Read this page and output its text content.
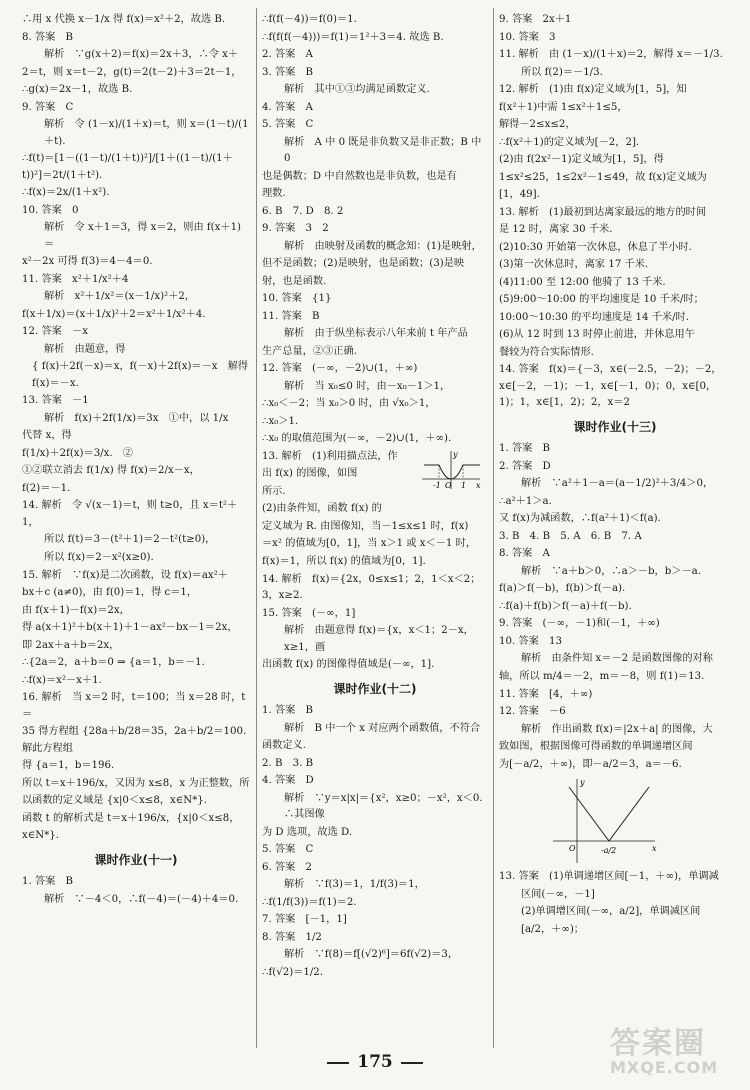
∴用 x 代换 x－1/x 得 f(x)＝x²＋2，故选 B.

8. 答案　B

解析　∵g(x＋2)＝f(x)＝2x＋3，∴令 x＋

2＝t，则 x＝t－2，g(t)＝2(t－2)＋3＝2t－1，

∴g(x)＝2x－1，故选 B.

9. 答案　C

解析　令 (1－x)/(1＋x)＝t，则 x＝(1－t)/(1＋t).

∴f(t)＝[1－((1－t)/(1＋t))²]/[1＋((1－t)/(1＋t))²]＝2t/(1＋t²).

∴f(x)＝2x/(1＋x²).

10. 答案　0

解析　令 x＋1＝3，得 x＝2，则由 f(x＋1)＝

x²－2x 可得 f(3)＝4－4＝0.

11. 答案　x²＋1/x²＋4

解析　x²＋1/x²＝(x－1/x)²＋2，

f(x＋1/x)＝(x＋1/x)²＋2＝x²＋1/x²＋4.

12. 答案　－x

解析　由题意，得

{ f(x)＋2f(－x)＝x，f(－x)＋2f(x)＝－x　解得 f(x)＝－x.

13. 答案　－1

解析　f(x)＋2f(1/x)＝3x　①中，以 1/x

代替 x，得

f(1/x)＋2f(x)＝3/x.　②

①②联立消去 f(1/x) 得 f(x)＝2/x－x，

f(2)＝－1.

14. 解析　令 √(x－1)＝t，则 t≥0，且 x＝t²＋1，

所以 f(t)＝3－(t²＋1)＝2－t²(t≥0)，

所以 f(x)＝2－x²(x≥0).

15. 解析　∵f(x)是二次函数，设 f(x)＝ax²＋

bx＋c (a≠0)，由 f(0)＝1，得 c＝1，

由 f(x＋1)－f(x)＝2x，

得 a(x＋1)²＋b(x＋1)＋1－ax²－bx－1＝2x，

即 2ax＋a＋b＝2x，

∴{2a＝2，a＋b＝0 ⇒ {a＝1，b＝－1.

∴f(x)＝x²－x＋1.

16. 解析　当 x＝2 时，t＝100；当 x＝28 时，t＝

35 得方程组 {28a＋b/28＝35，2a＋b/2＝100.　解此方程组

得 {a＝1，b＝196.

所以 t＝x＋196/x，又因为 x≤8，x 为正整数，所

以函数的定义域是 {x|0＜x≤8，x∈N*}.

函数 t 的解析式是 t＝x＋196/x，{x|0＜x≤8，

x∈N*}.

课时作业(十一)

1. 答案　B

解析　∵－4＜0，∴f(－4)＝(－4)＋4＝0.

∴f(f(－4))＝f(0)＝1.

∴f(f(f(－4)))＝f(1)＝1²＋3＝4. 故选 B.

2. 答案　A

3. 答案　B

解析　其中①③均满足函数定义.

4. 答案　A

5. 答案　C

解析　A 中 0 既是非负数又是非正数；B 中 0

也是偶数；D 中自然数也是非负数，也是有

理数.

6. B　7. D　8. 2

9. 答案　3　2

解析　由映射及函数的概念知：(1)是映射，

但不是函数；(2)是映射，也是函数；(3)是映

射，也是函数.

10. 答案　{1}

11. 答案　B

解析　由于纵坐标表示八年来前 t 年产品

生产总量，②③正确.

12. 答案　(－∞，－2)∪(1，＋∞)

解析　当 x₀≤0 时，由－x₀－1＞1，

∴x₀＜－2；当 x₀＞0 时，由 √x₀＞1，

∴x₀＞1.

∴x₀ 的取值范围为(－∞，－2)∪(1，＋∞).

x
y
-1 O 1
13. 解析　(1)利用描点法，作

出 f(x) 的图像，如图

所示.

(2)由条件知，函数 f(x) 的

定义域为 R. 由图像知，当－1≤x≤1 时，f(x)

＝x² 的值域为[0，1]，当 x＞1 或 x＜－1 时，

f(x)＝1，所以 f(x) 的值域为[0，1].

14. 解析　f(x)＝{2x，0≤x≤1；2，1＜x＜2；3，x≥2.

15. 答案　(－∞，1]

解析　由题意得 f(x)＝{x，x＜1；2－x，x≥1，画

出函数 f(x) 的图像得值域是(－∞，1].

课时作业(十二)

1. 答案　B

解析　B 中一个 x 对应两个函数值，不符合

函数定义.

2. B　3. B

4. 答案　D

解析　∵y＝x|x|＝{x²，x≥0；－x²，x＜0.　∴其图像

为 D 选项，故选 D.

5. 答案　C

6. 答案　2

解析　∵f(3)＝1，1/f(3)＝1，

∴f(1/f(3))＝f(1)＝2.

7. 答案　[－1，1]

8. 答案　1/2

解析　∵f(8)＝f[(√2)⁶]＝6f(√2)＝3，

∴f(√2)＝1/2.

9. 答案　2x＋1

10. 答案　3

11. 解析　由 (1－x)/(1＋x)＝2，解得 x＝－1/3.

所以 f(2)＝－1/3.

12. 解析　(1)由 f(x)定义域为[1，5]，知

f(x²＋1)中需 1≤x²＋1≤5，

解得－2≤x≤2，

∴f(x²＋1)的定义域为[－2，2].

(2)由 f(2x²－1)定义域为[1，5]，得

1≤x²≤25，1≤2x²－1≤49，故 f(x)定义域为

[1，49].

13. 解析　(1)最初到达离家最远的地方的时间

是 12 时，离家 30 千米.

(2)10:30 开始第一次休息，休息了半小时.

(3)第一次休息时，离家 17 千米.

(4)11:00 至 12:00 他骑了 13 千米.

(5)9:00～10:00 的平均速度是 10 千米/时；

10:00～10:30 的平均速度是 14 千米/时.

(6)从 12 时到 13 时停止前进，并休息用午

餐较为符合实际情形.

14. 答案　f(x)＝{－3，x∈(－2.5，－2)；－2，x∈[－2，－1)；－1，x∈[－1，0)；0，x∈[0，1)；1，x∈[1，2)；2，x＝2

课时作业(十三)

1. 答案　B

2. 答案　D

解析　∵a²＋1－a＝(a－1/2)²＋3/4＞0，

∴a²＋1＞a.

又 f(x)为减函数，∴f(a²＋1)＜f(a).

3. B　4. B　5. A　6. B　7. A

8. 答案　A

解析　∵a＋b＞0，∴a＞－b，b＞－a.

f(a)＞f(－b)，f(b)＞f(－a).

∴f(a)＋f(b)＞f(－a)＋f(－b).

9. 答案　(－∞，－1)和(－1，＋∞)

10. 答案　13

解析　由条件知 x＝－2 是函数图像的对称

轴，所以 m/4＝－2，m＝－8，则 f(1)＝13.

11. 答案　[4，＋∞)

12. 答案　－6

解析　作出函数 f(x)＝|2x＋a| 的图像，大

致如图，根据图像可得函数的单调递增区间

为[－a/2，＋∞)，即－a/2＝3，a＝－6.

x
y
O	-a/2

13. 答案　(1)单调递增区间[－1，＋∞)，单调减

区间(－∞，－1]

(2)单调增区间(－∞，a/2]，单调减区间

[a/2，＋∞)；

175
答案圈
MXQE.COM
